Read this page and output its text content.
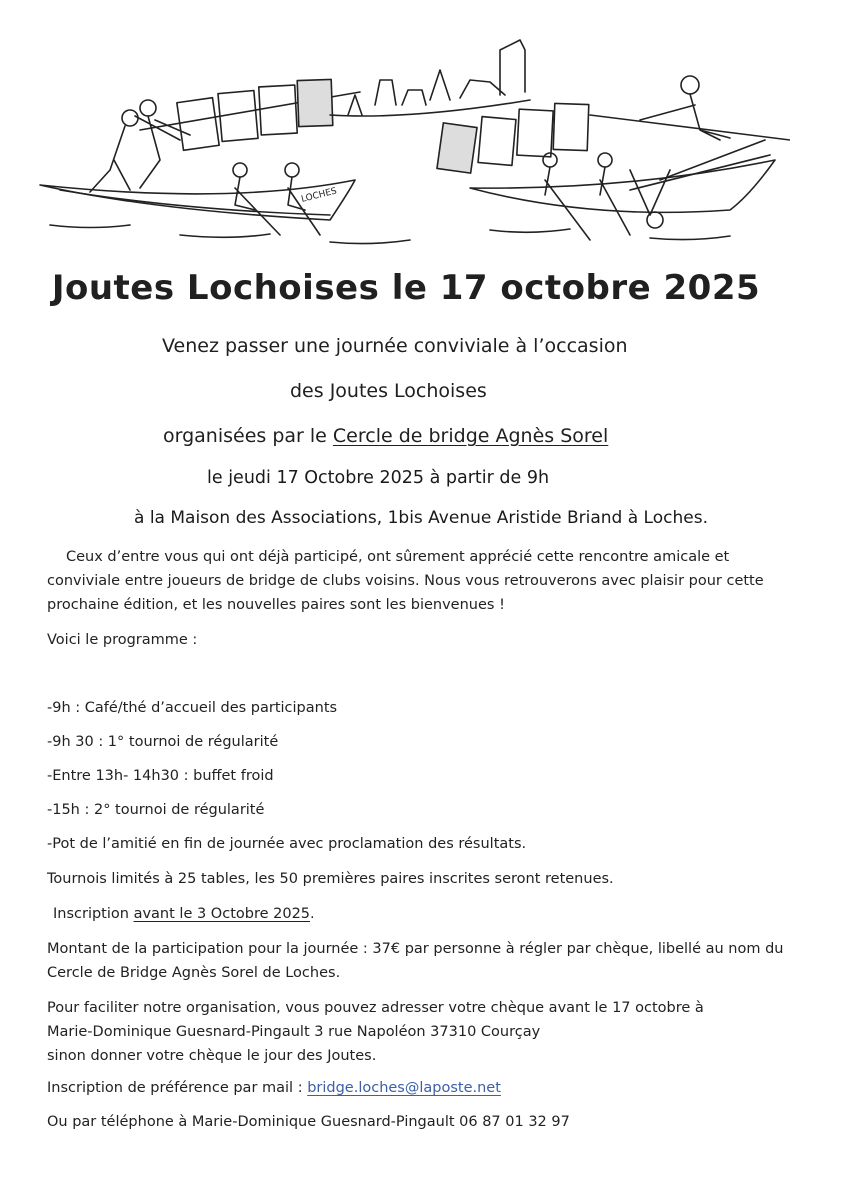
LOCHES
Joutes Lochoises le 17 octobre 2025

Venez passer une journée conviviale à l’occasion

des Joutes Lochoises

organisées par le Cercle de bridge Agnès Sorel

le jeudi 17 Octobre 2025 à partir de 9h

à la Maison des Associations, 1bis Avenue Aristide Briand à Loches.

Ceux d’entre vous qui ont déjà participé, ont sûrement apprécié cette rencontre amicale et

conviviale entre joueurs de bridge de clubs voisins. Nous vous retrouverons avec plaisir pour cette

prochaine édition, et les nouvelles paires sont les bienvenues !

Voici le programme :

-9h : Café/thé d’accueil des participants

-9h 30 : 1° tournoi de régularité

-Entre 13h- 14h30 : buffet froid

-15h : 2° tournoi de régularité

-Pot de l’amitié en fin de journée avec proclamation des résultats.

Tournois limités à 25 tables, les 50 premières paires inscrites seront retenues.

Inscription avant le 3 Octobre 2025.

Montant de la participation pour la journée : 37€ par personne à régler par chèque, libellé au nom du

Cercle de Bridge Agnès Sorel de Loches.

Pour faciliter notre organisation, vous pouvez adresser votre chèque avant le 17 octobre à

Marie-Dominique Guesnard-Pingault 3 rue Napoléon 37310 Courçay

sinon donner votre chèque le jour des Joutes.

Inscription de préférence par mail : bridge.loches@laposte.net

Ou par téléphone à Marie-Dominique Guesnard-Pingault 06 87 01 32 97
